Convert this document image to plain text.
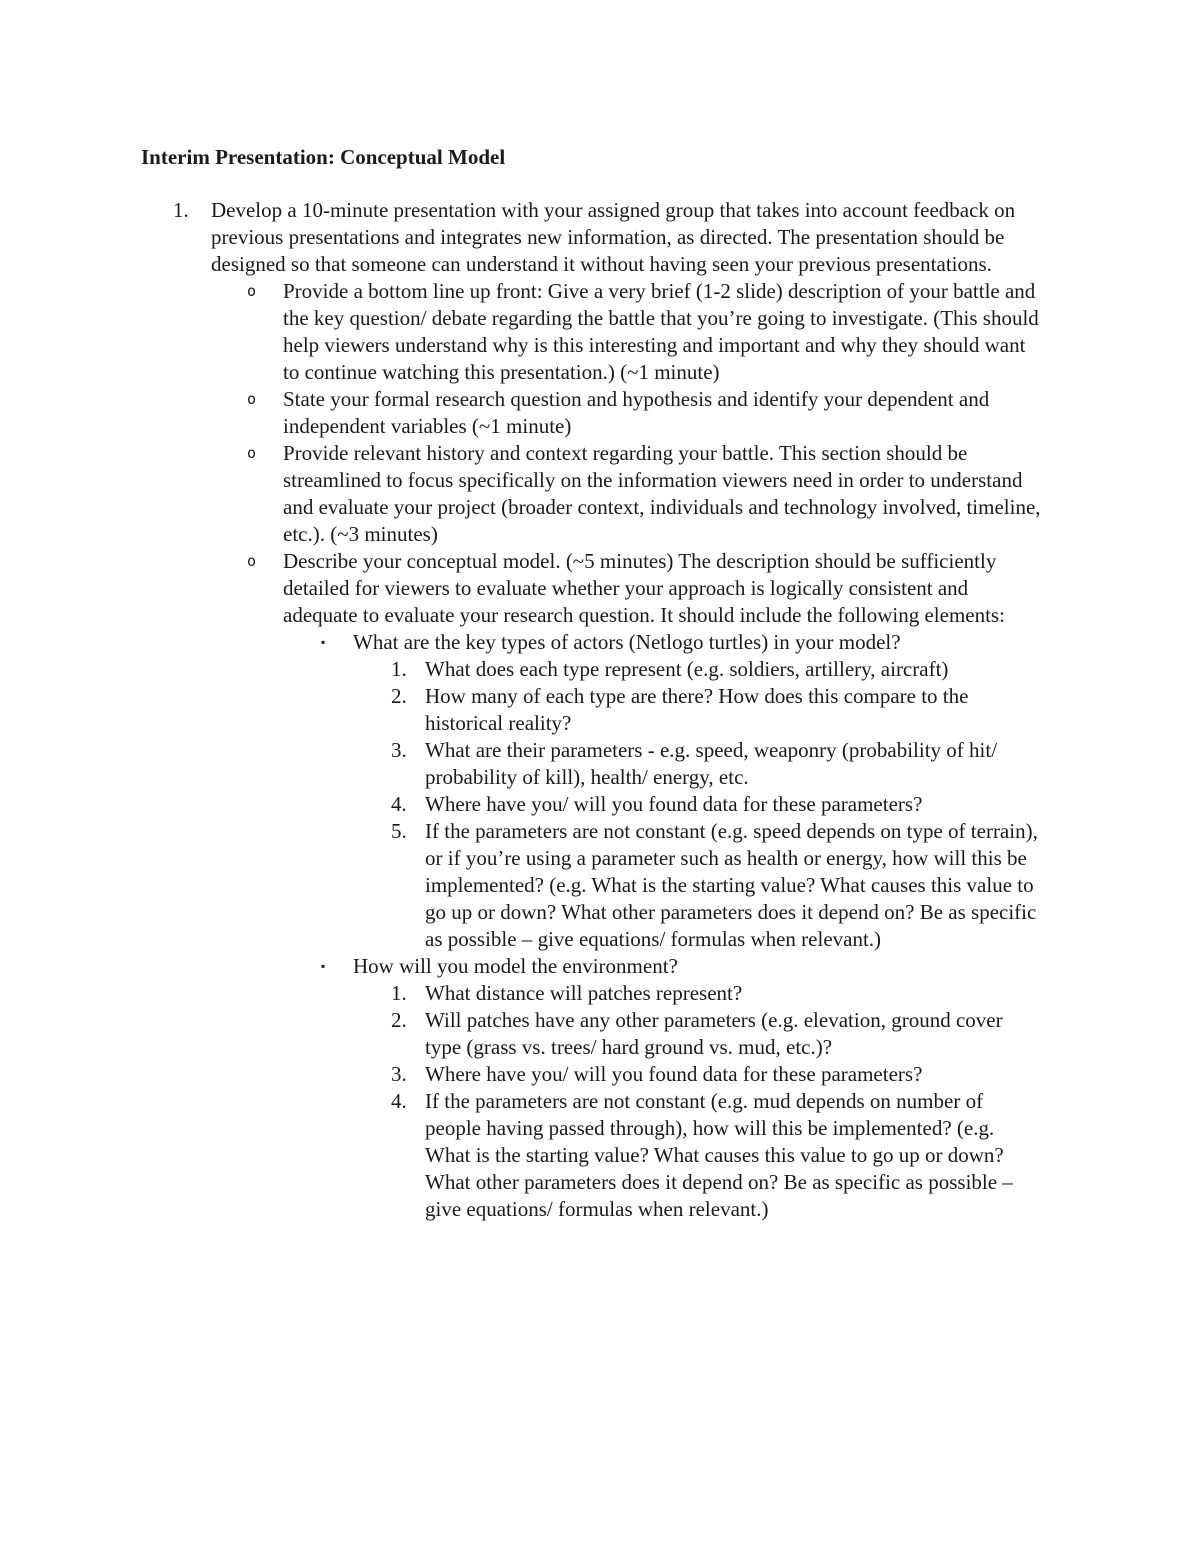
Interim Presentation: Conceptual Model
1. Develop a 10-minute presentation with your assigned group that takes into account feedback on previous presentations and integrates new information, as directed. The presentation should be designed so that someone can understand it without having seen your previous presentations.
o Provide a bottom line up front: Give a very brief (1-2 slide) description of your battle and the key question/ debate regarding the battle that you’re going to investigate. (This should help viewers understand why is this interesting and important and why they should want to continue watching this presentation.) (~1 minute)
o State your formal research question and hypothesis and identify your dependent and independent variables (~1 minute)
o Provide relevant history and context regarding your battle. This section should be streamlined to focus specifically on the information viewers need in order to understand and evaluate your project (broader context, individuals and technology involved, timeline, etc.). (~3 minutes)
o Describe your conceptual model. (~5 minutes) The description should be sufficiently detailed for viewers to evaluate whether your approach is logically consistent and adequate to evaluate your research question. It should include the following elements:
▪ What are the key types of actors (Netlogo turtles) in your model?
1. What does each type represent (e.g. soldiers, artillery, aircraft)
2. How many of each type are there? How does this compare to the historical reality?
3. What are their parameters - e.g. speed, weaponry (probability of hit/ probability of kill), health/ energy, etc.
4. Where have you/ will you found data for these parameters?
5. If the parameters are not constant (e.g. speed depends on type of terrain), or if you’re using a parameter such as health or energy, how will this be implemented? (e.g. What is the starting value? What causes this value to go up or down? What other parameters does it depend on? Be as specific as possible – give equations/ formulas when relevant.)
▪ How will you model the environment?
1. What distance will patches represent?
2. Will patches have any other parameters (e.g. elevation, ground cover type (grass vs. trees/ hard ground vs. mud, etc.)?
3. Where have you/ will you found data for these parameters?
4. If the parameters are not constant (e.g. mud depends on number of people having passed through), how will this be implemented? (e.g. What is the starting value? What causes this value to go up or down? What other parameters does it depend on? Be as specific as possible – give equations/ formulas when relevant.)
